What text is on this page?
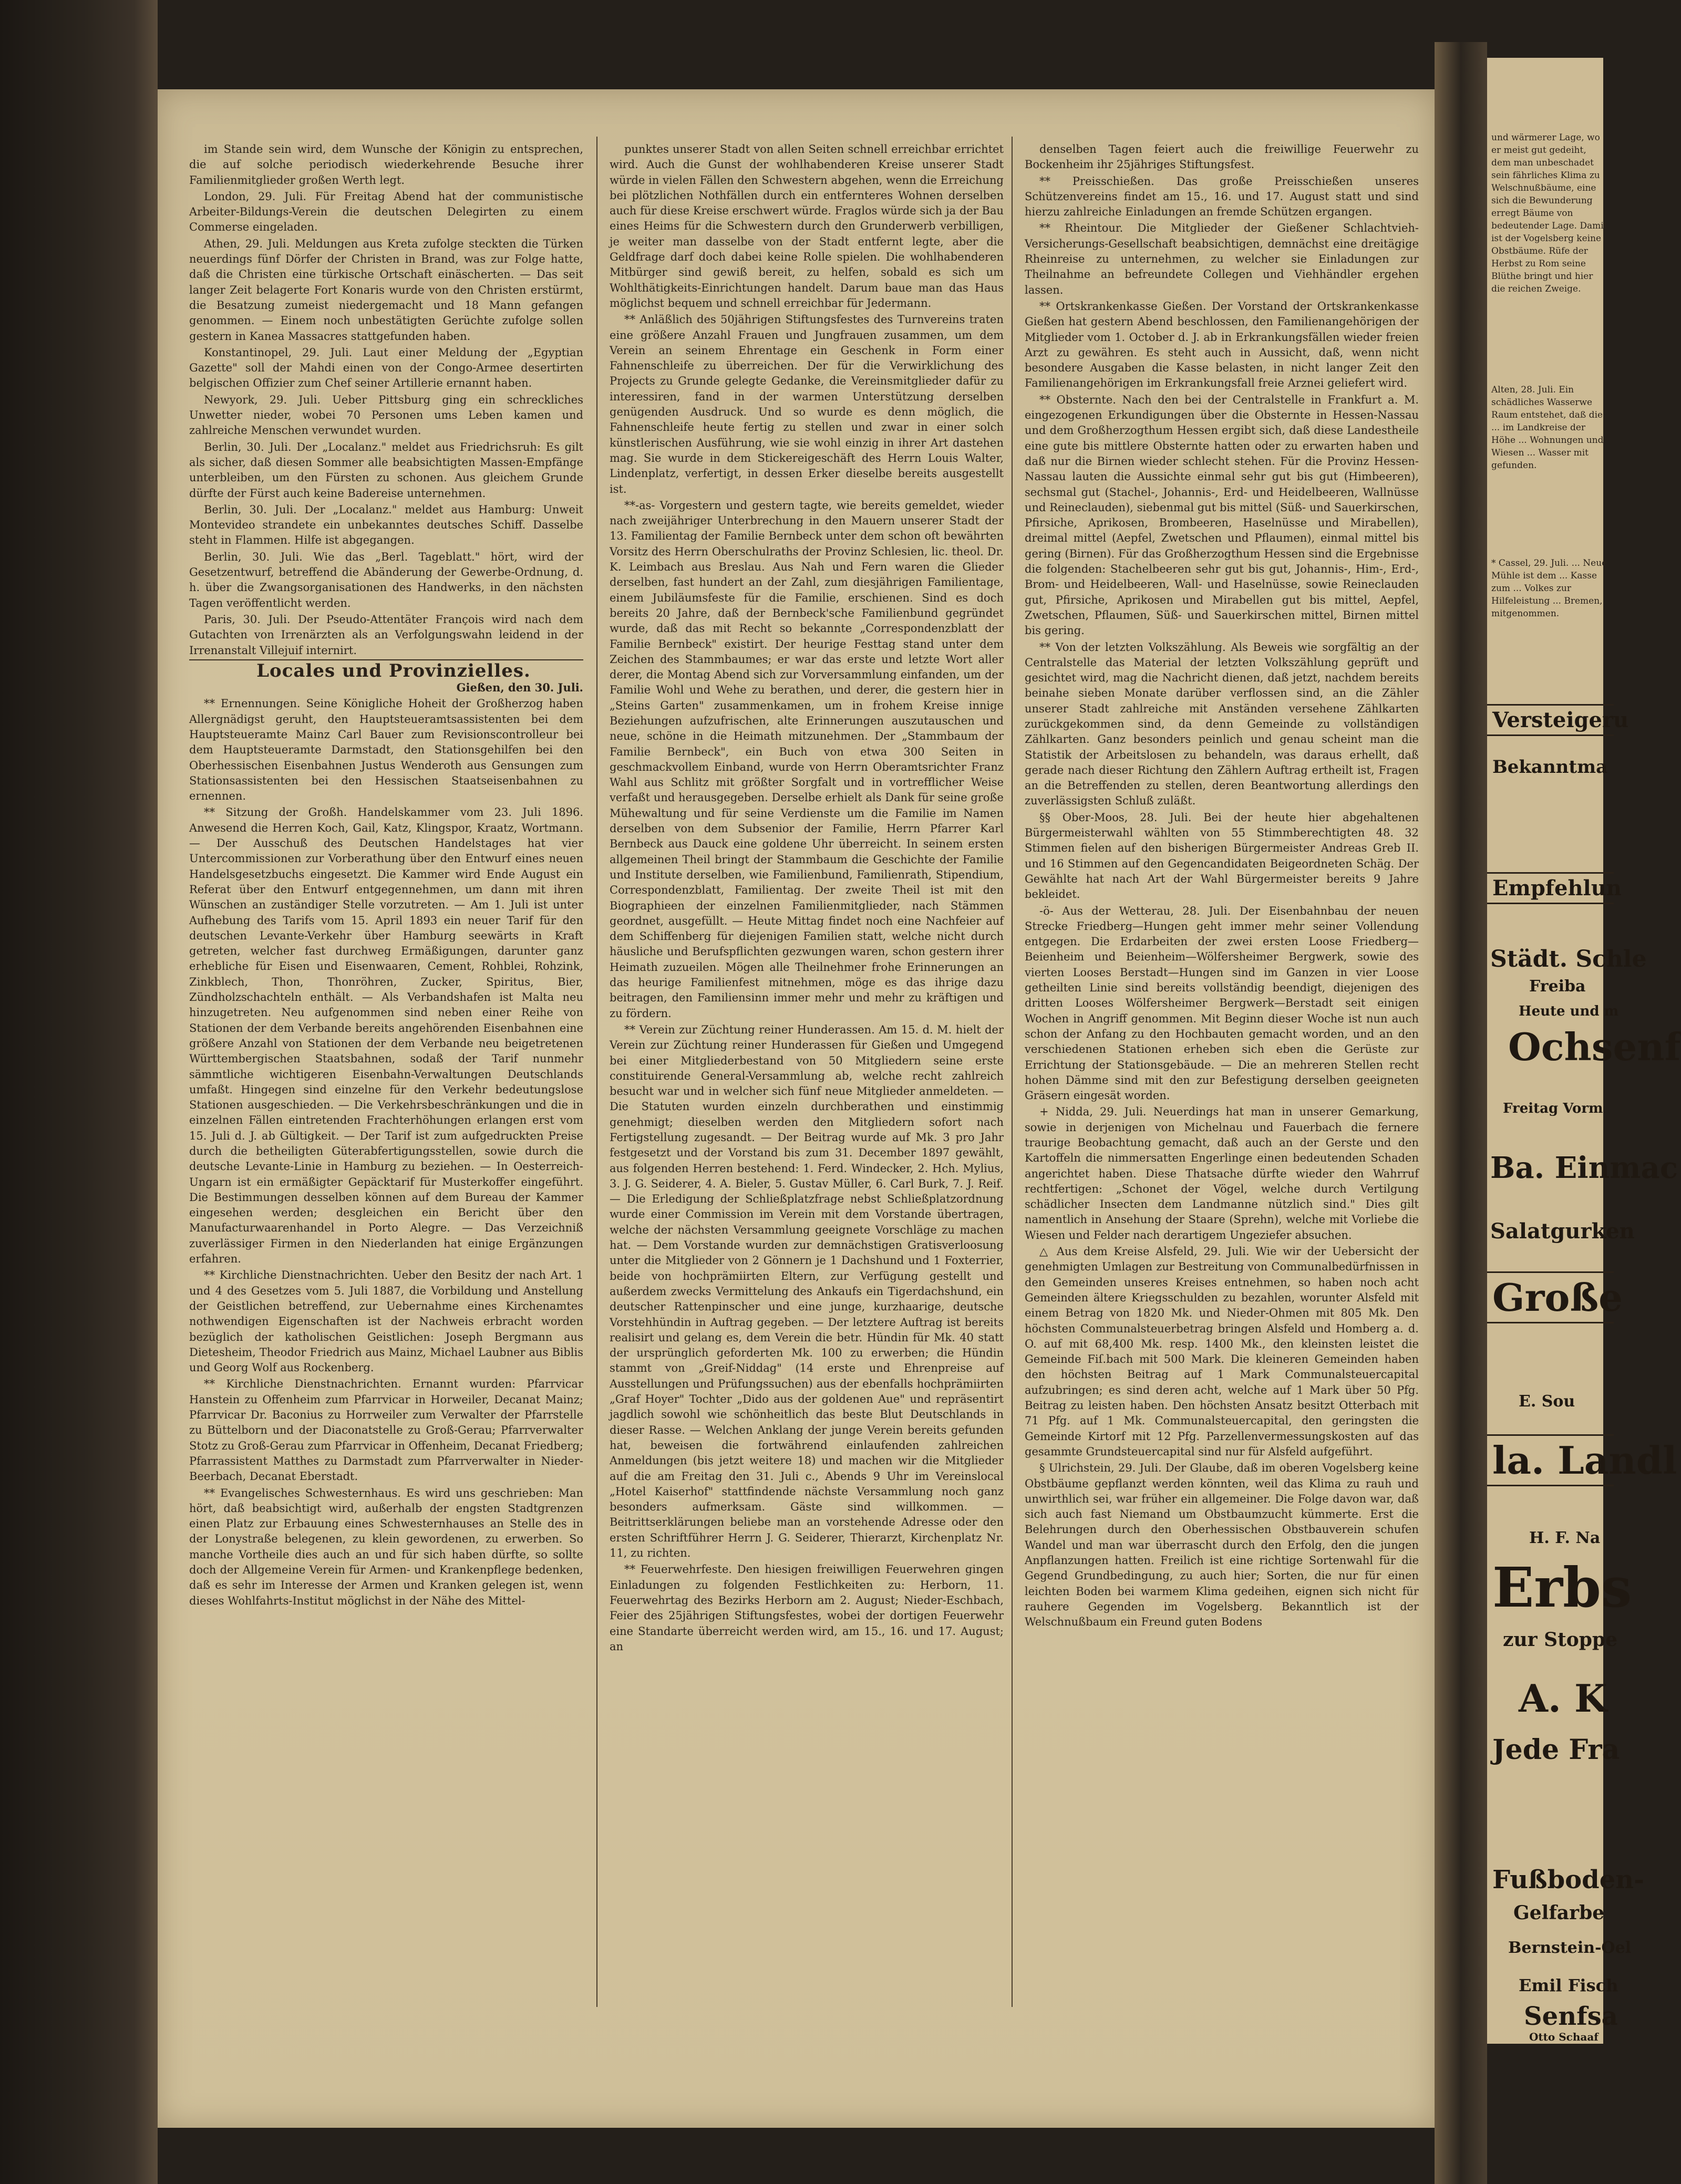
im Stande sein wird, dem Wunsche der Königin zu entsprechen, die auf solche periodisch wiederkehrende Besuche ihrer Familienmitglieder großen Werth legt.

London, 29. Juli. Für Freitag Abend hat der communistische Arbeiter-Bildungs-Verein die deutschen Delegirten zu einem Commerse eingeladen.

Athen, 29. Juli. Meldungen aus Kreta zufolge steckten die Türken neuerdings fünf Dörfer der Christen in Brand, was zur Folge hatte, daß die Christen eine türkische Ortschaft einäscherten. — Das seit langer Zeit belagerte Fort Konaris wurde von den Christen erstürmt, die Besatzung zumeist niedergemacht und 18 Mann gefangen genommen. — Einem noch unbestätigten Gerüchte zufolge sollen gestern in Kanea Massacres stattgefunden haben.

Konstantinopel, 29. Juli. Laut einer Meldung der „Egyptian Gazette" soll der Mahdi einen von der Congo-Armee desertirten belgischen Offizier zum Chef seiner Artillerie ernannt haben.

Newyork, 29. Juli. Ueber Pittsburg ging ein schreckliches Unwetter nieder, wobei 70 Personen ums Leben kamen und zahlreiche Menschen verwundet wurden.

Berlin, 30. Juli. Der „Localanz." meldet aus Friedrichsruh: Es gilt als sicher, daß diesen Sommer alle beabsichtigten Massen-Empfänge unterbleiben, um den Fürsten zu schonen. Aus gleichem Grunde dürfte der Fürst auch keine Badereise unternehmen.

Berlin, 30. Juli. Der „Localanz." meldet aus Hamburg: Unweit Montevideo strandete ein unbekanntes deutsches Schiff. Dasselbe steht in Flammen. Hilfe ist abgegangen.

Berlin, 30. Juli. Wie das „Berl. Tageblatt." hört, wird der Gesetzentwurf, betreffend die Abänderung der Gewerbe-Ordnung, d. h. über die Zwangsorganisationen des Handwerks, in den nächsten Tagen veröffentlicht werden.

Paris, 30. Juli. Der Pseudo-Attentäter François wird nach dem Gutachten von Irrenärzten als an Verfolgungswahn leidend in der Irrenanstalt Villejuif internirt.

Locales und Provinzielles.

Gießen, den 30. Juli.

** Ernennungen. Seine Königliche Hoheit der Großherzog haben Allergnädigst geruht, den Hauptsteueramtsassistenten bei dem Hauptsteueramte Mainz Carl Bauer zum Revisionscontrolleur bei dem Hauptsteueramte Darmstadt, den Stationsgehilfen bei den Oberhessischen Eisenbahnen Justus Wenderoth aus Gensungen zum Stationsassistenten bei den Hessischen Staatseisenbahnen zu ernennen.

** Sitzung der Großh. Handelskammer vom 23. Juli 1896. Anwesend die Herren Koch, Gail, Katz, Klingspor, Kraatz, Wortmann. — Der Ausschuß des Deutschen Handelstages hat vier Untercommissionen zur Vorberathung über den Entwurf eines neuen Handelsgesetzbuchs eingesetzt. Die Kammer wird Ende August ein Referat über den Entwurf entgegennehmen, um dann mit ihren Wünschen an zuständiger Stelle vorzutreten. — Am 1. Juli ist unter Aufhebung des Tarifs vom 15. April 1893 ein neuer Tarif für den deutschen Levante-Verkehr über Hamburg seewärts in Kraft getreten, welcher fast durchweg Ermäßigungen, darunter ganz erhebliche für Eisen und Eisenwaaren, Cement, Rohblei, Rohzink, Zinkblech, Thon, Thonröhren, Zucker, Spiritus, Bier, Zündholzschachteln enthält. — Als Verbandshafen ist Malta neu hinzugetreten. Neu aufgenommen sind neben einer Reihe von Stationen der dem Verbande bereits angehörenden Eisenbahnen eine größere Anzahl von Stationen der dem Verbande neu beigetretenen Württembergischen Staatsbahnen, sodaß der Tarif nunmehr sämmtliche wichtigeren Eisenbahn-Verwaltungen Deutschlands umfaßt. Hingegen sind einzelne für den Verkehr bedeutungslose Stationen ausgeschieden. — Die Verkehrsbeschränkungen und die in einzelnen Fällen eintretenden Frachterhöhungen erlangen erst vom 15. Juli d. J. ab Gültigkeit. — Der Tarif ist zum aufgedruckten Preise durch die betheiligten Güterabfertigungsstellen, sowie durch die deutsche Levante-Linie in Hamburg zu beziehen. — In Oesterreich-Ungarn ist ein ermäßigter Gepäcktarif für Musterkoffer eingeführt. Die Bestimmungen desselben können auf dem Bureau der Kammer eingesehen werden; desgleichen ein Bericht über den Manufacturwaarenhandel in Porto Alegre. — Das Verzeichniß zuverlässiger Firmen in den Niederlanden hat einige Ergänzungen erfahren.

** Kirchliche Dienstnachrichten. Ueber den Besitz der nach Art. 1 und 4 des Gesetzes vom 5. Juli 1887, die Vorbildung und Anstellung der Geistlichen betreffend, zur Uebernahme eines Kirchenamtes nothwendigen Eigenschaften ist der Nachweis erbracht worden bezüglich der katholischen Geistlichen: Joseph Bergmann aus Dietesheim, Theodor Friedrich aus Mainz, Michael Laubner aus Biblis und Georg Wolf aus Rockenberg.

** Kirchliche Dienstnachrichten. Ernannt wurden: Pfarrvicar Hanstein zu Offenheim zum Pfarrvicar in Horweiler, Decanat Mainz; Pfarrvicar Dr. Baconius zu Horrweiler zum Verwalter der Pfarrstelle zu Büttelborn und der Diaconatstelle zu Groß-Gerau; Pfarrverwalter Stotz zu Groß-Gerau zum Pfarrvicar in Offenheim, Decanat Friedberg; Pfarrassistent Matthes zu Darmstadt zum Pfarrverwalter in Nieder-Beerbach, Decanat Eberstadt.

** Evangelisches Schwesternhaus. Es wird uns geschrieben: Man hört, daß beabsichtigt wird, außerhalb der engsten Stadtgrenzen einen Platz zur Erbauung eines Schwesternhauses an Stelle des in der Lonystraße belegenen, zu klein gewordenen, zu erwerben. So manche Vortheile dies auch an und für sich haben dürfte, so sollte doch der Allgemeine Verein für Armen- und Krankenpflege bedenken, daß es sehr im Interesse der Armen und Kranken gelegen ist, wenn dieses Wohlfahrts-Institut möglichst in der Nähe des Mittel-

punktes unserer Stadt von allen Seiten schnell erreichbar errichtet wird. Auch die Gunst der wohlhabenderen Kreise unserer Stadt würde in vielen Fällen den Schwestern abgehen, wenn die Erreichung bei plötzlichen Nothfällen durch ein entfernteres Wohnen derselben auch für diese Kreise erschwert würde. Fraglos würde sich ja der Bau eines Heims für die Schwestern durch den Grunderwerb verbilligen, je weiter man dasselbe von der Stadt entfernt legte, aber die Geldfrage darf doch dabei keine Rolle spielen. Die wohlhabenderen Mitbürger sind gewiß bereit, zu helfen, sobald es sich um Wohlthätigkeits-Einrichtungen handelt. Darum baue man das Haus möglichst bequem und schnell erreichbar für Jedermann.

** Anläßlich des 50jährigen Stiftungsfestes des Turnvereins traten eine größere Anzahl Frauen und Jungfrauen zusammen, um dem Verein an seinem Ehrentage ein Geschenk in Form einer Fahnenschleife zu überreichen. Der für die Verwirklichung des Projects zu Grunde gelegte Gedanke, die Vereinsmitglieder dafür zu interessiren, fand in der warmen Unterstützung derselben genügenden Ausdruck. Und so wurde es denn möglich, die Fahnenschleife heute fertig zu stellen und zwar in einer solch künstlerischen Ausführung, wie sie wohl einzig in ihrer Art dastehen mag. Sie wurde in dem Stickereigeschäft des Herrn Louis Walter, Lindenplatz, verfertigt, in dessen Erker dieselbe bereits ausgestellt ist.

**-as- Vorgestern und gestern tagte, wie bereits gemeldet, wieder nach zweijähriger Unterbrechung in den Mauern unserer Stadt der 13. Familientag der Familie Bernbeck unter dem schon oft bewährten Vorsitz des Herrn Oberschulraths der Provinz Schlesien, lic. theol. Dr. K. Leimbach aus Breslau. Aus Nah und Fern waren die Glieder derselben, fast hundert an der Zahl, zum diesjährigen Familientage, einem Jubiläumsfeste für die Familie, erschienen. Sind es doch bereits 20 Jahre, daß der Bernbeck'sche Familienbund gegründet wurde, daß das mit Recht so bekannte „Correspondenzblatt der Familie Bernbeck" existirt. Der heurige Festtag stand unter dem Zeichen des Stammbaumes; er war das erste und letzte Wort aller derer, die Montag Abend sich zur Vorversammlung einfanden, um der Familie Wohl und Wehe zu berathen, und derer, die gestern hier in „Steins Garten" zusammenkamen, um in frohem Kreise innige Beziehungen aufzufrischen, alte Erinnerungen auszutauschen und neue, schöne in die Heimath mitzunehmen. Der „Stammbaum der Familie Bernbeck", ein Buch von etwa 300 Seiten in geschmackvollem Einband, wurde von Herrn Oberamtsrichter Franz Wahl aus Schlitz mit größter Sorgfalt und in vortrefflicher Weise verfaßt und herausgegeben. Derselbe erhielt als Dank für seine große Mühewaltung und für seine Verdienste um die Familie im Namen derselben von dem Subsenior der Familie, Herrn Pfarrer Karl Bernbeck aus Dauck eine goldene Uhr überreicht. In seinem ersten allgemeinen Theil bringt der Stammbaum die Geschichte der Familie und Institute derselben, wie Familienbund, Familienrath, Stipendium, Correspondenzblatt, Familientag. Der zweite Theil ist mit den Biographieen der einzelnen Familienmitglieder, nach Stämmen geordnet, ausgefüllt. — Heute Mittag findet noch eine Nachfeier auf dem Schiffenberg für diejenigen Familien statt, welche nicht durch häusliche und Berufspflichten gezwungen waren, schon gestern ihrer Heimath zuzueilen. Mögen alle Theilnehmer frohe Erinnerungen an das heurige Familienfest mitnehmen, möge es das ihrige dazu beitragen, den Familiensinn immer mehr und mehr zu kräftigen und zu fördern.

** Verein zur Züchtung reiner Hunderassen. Am 15. d. M. hielt der Verein zur Züchtung reiner Hunderassen für Gießen und Umgegend bei einer Mitgliederbestand von 50 Mitgliedern seine erste constituirende General-Versammlung ab, welche recht zahlreich besucht war und in welcher sich fünf neue Mitglieder anmeldeten. — Die Statuten wurden einzeln durchberathen und einstimmig genehmigt; dieselben werden den Mitgliedern sofort nach Fertigstellung zugesandt. — Der Beitrag wurde auf Mk. 3 pro Jahr festgesetzt und der Vorstand bis zum 31. December 1897 gewählt, aus folgenden Herren bestehend: 1. Ferd. Windecker, 2. Hch. Mylius, 3. J. G. Seiderer, 4. A. Bieler, 5. Gustav Müller, 6. Carl Burk, 7. J. Reif. — Die Erledigung der Schließplatzfrage nebst Schließplatzordnung wurde einer Commission im Verein mit dem Vorstande übertragen, welche der nächsten Versammlung geeignete Vorschläge zu machen hat. — Dem Vorstande wurden zur demnächstigen Gratisverloosung unter die Mitglieder von 2 Gönnern je 1 Dachshund und 1 Foxterrier, beide von hochprämiirten Eltern, zur Verfügung gestellt und außerdem zwecks Vermittelung des Ankaufs ein Tigerdachshund, ein deutscher Rattenpinscher und eine junge, kurzhaarige, deutsche Vorstehhündin in Auftrag gegeben. — Der letztere Auftrag ist bereits realisirt und gelang es, dem Verein die betr. Hündin für Mk. 40 statt der ursprünglich geforderten Mk. 100 zu erwerben; die Hündin stammt von „Greif-Niddag" (14 erste und Ehrenpreise auf Ausstellungen und Prüfungssuchen) aus der ebenfalls hochprämiirten „Graf Hoyer" Tochter „Dido aus der goldenen Aue" und repräsentirt jagdlich sowohl wie schönheitlich das beste Blut Deutschlands in dieser Rasse. — Welchen Anklang der junge Verein bereits gefunden hat, beweisen die fortwährend einlaufenden zahlreichen Anmeldungen (bis jetzt weitere 18) und machen wir die Mitglieder auf die am Freitag den 31. Juli c., Abends 9 Uhr im Vereinslocal „Hotel Kaiserhof" stattfindende nächste Versammlung noch ganz besonders aufmerksam. Gäste sind willkommen. — Beitrittserklärungen beliebe man an vorstehende Adresse oder den ersten Schriftführer Herrn J. G. Seiderer, Thierarzt, Kirchenplatz Nr. 11, zu richten.

** Feuerwehrfeste. Den hiesigen freiwilligen Feuerwehren gingen Einladungen zu folgenden Festlichkeiten zu: Herborn, 11. Feuerwehrtag des Bezirks Herborn am 2. August; Nieder-Eschbach, Feier des 25jährigen Stiftungsfestes, wobei der dortigen Feuerwehr eine Standarte überreicht werden wird, am 15., 16. und 17. August; an

denselben Tagen feiert auch die freiwillige Feuerwehr zu Bockenheim ihr 25jähriges Stiftungsfest.

** Preisschießen. Das große Preisschießen unseres Schützenvereins findet am 15., 16. und 17. August statt und sind hierzu zahlreiche Einladungen an fremde Schützen ergangen.

** Rheintour. Die Mitglieder der Gießener Schlachtvieh-Versicherungs-Gesellschaft beabsichtigen, demnächst eine dreitägige Rheinreise zu unternehmen, zu welcher sie Einladungen zur Theilnahme an befreundete Collegen und Viehhändler ergehen lassen.

** Ortskrankenkasse Gießen. Der Vorstand der Ortskrankenkasse Gießen hat gestern Abend beschlossen, den Familienangehörigen der Mitglieder vom 1. October d. J. ab in Erkrankungsfällen wieder freien Arzt zu gewähren. Es steht auch in Aussicht, daß, wenn nicht besondere Ausgaben die Kasse belasten, in nicht langer Zeit den Familienangehörigen im Erkrankungsfall freie Arznei geliefert wird.

** Obsternte. Nach den bei der Centralstelle in Frankfurt a. M. eingezogenen Erkundigungen über die Obsternte in Hessen-Nassau und dem Großherzogthum Hessen ergibt sich, daß diese Landestheile eine gute bis mittlere Obsternte hatten oder zu erwarten haben und daß nur die Birnen wieder schlecht stehen. Für die Provinz Hessen-Nassau lauten die Aussichte einmal sehr gut bis gut (Himbeeren), sechsmal gut (Stachel-, Johannis-, Erd- und Heidelbeeren, Wallnüsse und Reineclauden), siebenmal gut bis mittel (Süß- und Sauerkirschen, Pfirsiche, Aprikosen, Brombeeren, Haselnüsse und Mirabellen), dreimal mittel (Aepfel, Zwetschen und Pflaumen), einmal mittel bis gering (Birnen). Für das Großherzogthum Hessen sind die Ergebnisse die folgenden: Stachelbeeren sehr gut bis gut, Johannis-, Him-, Erd-, Brom- und Heidelbeeren, Wall- und Haselnüsse, sowie Reineclauden gut, Pfirsiche, Aprikosen und Mirabellen gut bis mittel, Aepfel, Zwetschen, Pflaumen, Süß- und Sauerkirschen mittel, Birnen mittel bis gering.

** Von der letzten Volkszählung. Als Beweis wie sorgfältig an der Centralstelle das Material der letzten Volkszählung geprüft und gesichtet wird, mag die Nachricht dienen, daß jetzt, nachdem bereits beinahe sieben Monate darüber verflossen sind, an die Zähler unserer Stadt zahlreiche mit Anständen versehene Zählkarten zurückgekommen sind, da denn Gemeinde zu vollständigen Zählkarten. Ganz besonders peinlich und genau scheint man die Statistik der Arbeitslosen zu behandeln, was daraus erhellt, daß gerade nach dieser Richtung den Zählern Auftrag ertheilt ist, Fragen an die Betreffenden zu stellen, deren Beantwortung allerdings den zuverlässigsten Schluß zuläßt.

§§ Ober-Moos, 28. Juli. Bei der heute hier abgehaltenen Bürgermeisterwahl wählten von 55 Stimmberechtigten 48. 32 Stimmen fielen auf den bisherigen Bürgermeister Andreas Greb II. und 16 Stimmen auf den Gegencandidaten Beigeordneten Schäg. Der Gewählte hat nach Art der Wahl Bürgermeister bereits 9 Jahre bekleidet.

-ö- Aus der Wetterau, 28. Juli. Der Eisenbahnbau der neuen Strecke Friedberg—Hungen geht immer mehr seiner Vollendung entgegen. Die Erdarbeiten der zwei ersten Loose Friedberg—Beienheim und Beienheim—Wölfersheimer Bergwerk, sowie des vierten Looses Berstadt—Hungen sind im Ganzen in vier Loose getheilten Linie sind bereits vollständig beendigt, diejenigen des dritten Looses Wölfersheimer Bergwerk—Berstadt seit einigen Wochen in Angriff genommen. Mit Beginn dieser Woche ist nun auch schon der Anfang zu den Hochbauten gemacht worden, und an den verschiedenen Stationen erheben sich eben die Gerüste zur Errichtung der Stationsgebäude. — Die an mehreren Stellen recht hohen Dämme sind mit den zur Befestigung derselben geeigneten Gräsern eingesät worden.

+ Nidda, 29. Juli. Neuerdings hat man in unserer Gemarkung, sowie in derjenigen von Michelnau und Fauerbach die fernere traurige Beobachtung gemacht, daß auch an der Gerste und den Kartoffeln die nimmersatten Engerlinge einen bedeutenden Schaden angerichtet haben. Diese Thatsache dürfte wieder den Wahrruf rechtfertigen: „Schonet der Vögel, welche durch Vertilgung schädlicher Insecten dem Landmanne nützlich sind." Dies gilt namentlich in Ansehung der Staare (Sprehn), welche mit Vorliebe die Wiesen und Felder nach derartigem Ungeziefer absuchen.

△ Aus dem Kreise Alsfeld, 29. Juli. Wie wir der Uebersicht der genehmigten Umlagen zur Bestreitung von Communalbedürfnissen in den Gemeinden unseres Kreises entnehmen, so haben noch acht Gemeinden ältere Kriegsschulden zu bezahlen, worunter Alsfeld mit einem Betrag von 1820 Mk. und Nieder-Ohmen mit 805 Mk. Den höchsten Communalsteuerbetrag bringen Alsfeld und Homberg a. d. O. auf mit 68,400 Mk. resp. 1400 Mk., den kleinsten leistet die Gemeinde Fiſ.bach mit 500 Mark. Die kleineren Gemeinden haben den höchsten Beitrag auf 1 Mark Communalsteuercapital aufzubringen; es sind deren acht, welche auf 1 Mark über 50 Pfg. Beitrag zu leisten haben. Den höchsten Ansatz besitzt Otterbach mit 71 Pfg. auf 1 Mk. Communalsteuercapital, den geringsten die Gemeinde Kirtorf mit 12 Pfg. Parzellenvermessungskosten auf das gesammte Grundsteuercapital sind nur für Alsfeld aufgeführt.

§ Ulrichstein, 29. Juli. Der Glaube, daß im oberen Vogelsberg keine Obstbäume gepflanzt werden könnten, weil das Klima zu rauh und unwirthlich sei, war früher ein allgemeiner. Die Folge davon war, daß sich auch fast Niemand um Obstbaumzucht kümmerte. Erst die Belehrungen durch den Oberhessischen Obstbauverein schufen Wandel und man war überrascht durch den Erfolg, den die jungen Anpflanzungen hatten. Freilich ist eine richtige Sortenwahl für die Gegend Grundbedingung, zu auch hier; Sorten, die nur für einen leichten Boden bei warmem Klima gedeihen, eignen sich nicht für rauhere Gegenden im Vogelsberg. Bekanntlich ist der Welschnußbaum ein Freund guten Bodens

und wärmerer Lage, wo er meist gut gedeiht, dem man unbeschadet sein fährliches Klima zu Welschnußbäume, eine sich die Bewunderung erregt Bäume von bedeutender Lage. Damit ist der Vogelsberg keine Obstbäume. Rüfe der Herbst zu Rom seine Blüthe bringt und hier die reichen Zweige.
Alten, 28. Juli. Ein schädliches Wasserwe Raum entstehet, daß die ... im Landkreise der Höhe ... Wohnungen und Wiesen ... Wasser mit gefunden.
* Cassel, 29. Juli. ... Neue Mühle ist dem ... Kasse zum ... Volkes zur Hilfeleistung ... Bremen, mitgenommen.
Versteigeru
Bekanntma
Empfehlun
Städt. Schle
Freiba
Heute und m
Ochsenf
Freitag Vorm
Ba. Einmac
Salatgurken
Große
E. Sou
la. Landl
H. F. Na
Erbs
zur Stoppe
A. K
Jede Fra
Fußboden-
Gelfarbe
Bernstein-Oel
Emil Fisch
Senfsa
Otto Schaaf
